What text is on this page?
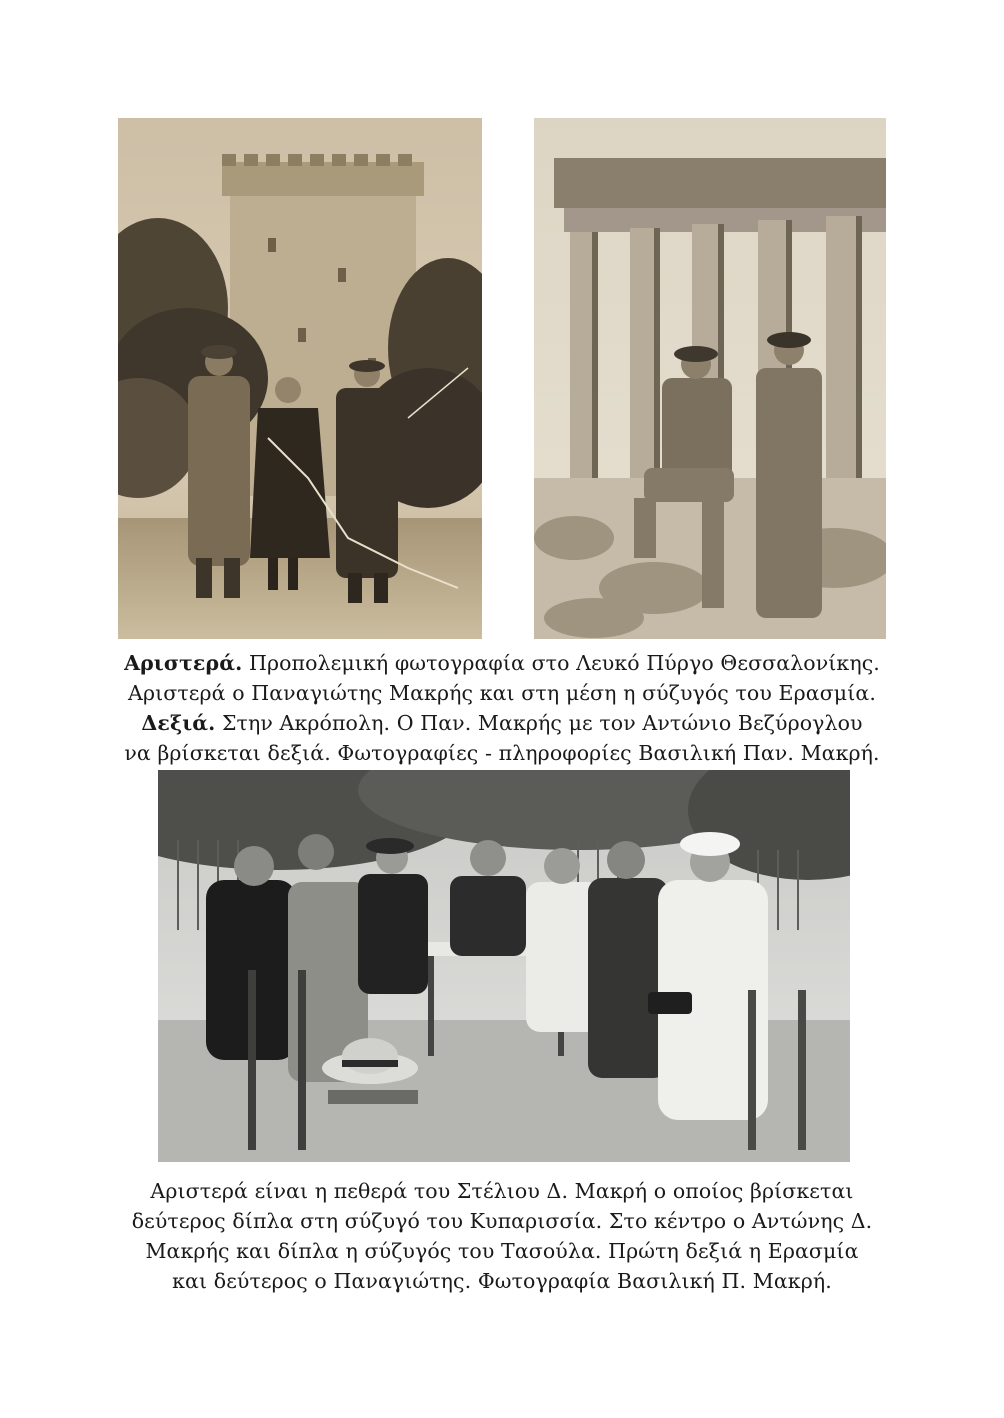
Αριστερά. Προπολεμική φωτογραφία στο Λευκό Πύργο Θεσσαλονίκης.
Αριστερά ο Παναγιώτης Μακρής και στη μέση η σύζυγός του Ερασμία.
Δεξιά. Στην Ακρόπολη. Ο Παν. Μακρής με τον Αντώνιο Βεζύρογλου
να βρίσκεται δεξιά. Φωτογραφίες - πληροφορίες Βασιλική Παν. Μακρή.
Αριστερά είναι η πεθερά του Στέλιου Δ. Μακρή ο οποίος βρίσκεται
δεύτερος δίπλα στη σύζυγό του Κυπαρισσία. Στο κέντρο ο Αντώνης Δ.
Μακρής και δίπλα η σύζυγός του Τασούλα. Πρώτη δεξιά η Ερασμία
και δεύτερος ο Παναγιώτης. Φωτογραφία Βασιλική Π. Μακρή.
